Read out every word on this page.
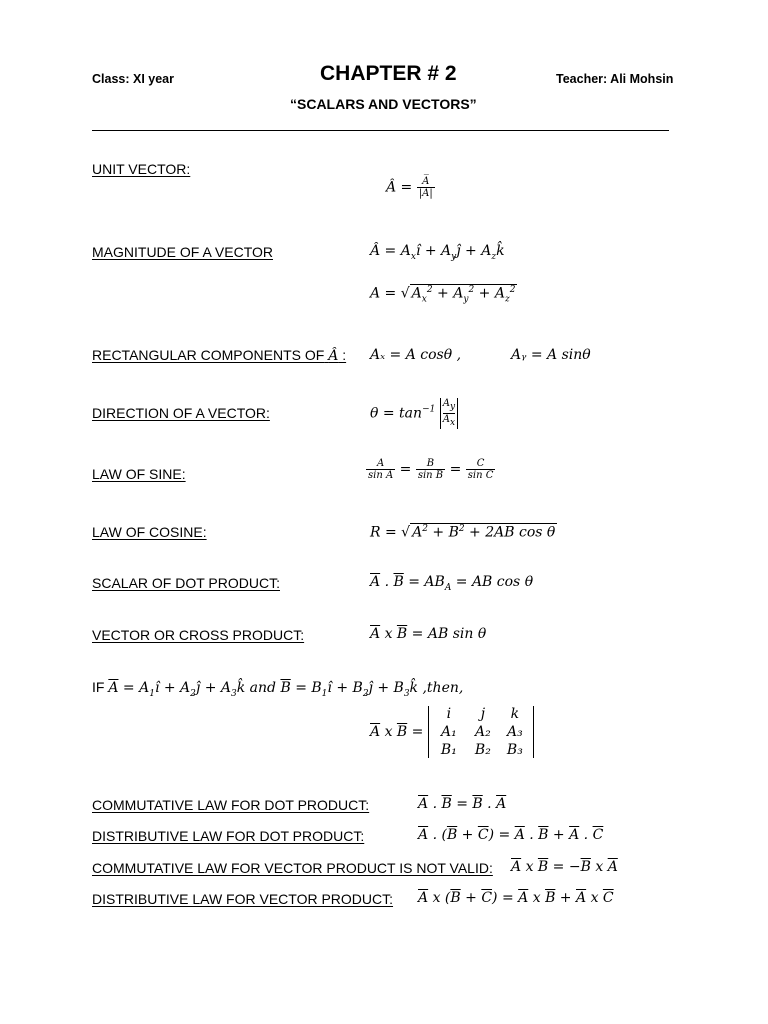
Class: XI year	CHAPTER # 2	Teacher: Ali Mohsin
“SCALARS AND VECTORS”
UNIT VECTOR:
Â = $\frac{A̅}{|A|}$
MAGNITUDE OF A VECTOR	Â = $A_xî$ + $A_yĵ$ + $A_zk̂$
A = √ $A_x^2 + A_y^2 + A_z^2$
RECTANGULAR COMPONENTS OF Â : Aₓ = A cosθ ,	Aᵧ = A sinθ
DIRECTION OF A VECTOR:	$\theta = \tan^{-1} \frac{A_y}{A_x}$
LAW OF SINE:	$\frac{A}{\text{sin A}} = \frac{B}{\text{sin B}} = \frac{C}{\text{sin C}}$
LAW OF COSINE:	R = √ $A^2 + B^2 + 2AB$ cos θ
SCALAR OF DOT PRODUCT:	$\overline{A}$ . $\overline{B} = AB_A$ = AB cos θ
VECTOR OR CROSS PRODUCT:	$\overline{A}$ x $\overline{B}$ = AB sin θ
IF $\overline{A}$ = $A_1î$ + $A_2ĵ$ + $A_3k̂$ and $\overline{B}$ = $B_1î$ + $B_2ĵ$ + $B_3k̂$ ,then,
$\overline{A}$ x $\overline{B}$ =
i	j	k
A₁	A₂	A₃
B₁	B₂	B₃
COMMUTATIVE LAW FOR DOT PRODUCT:	$\overline{A}$ . $\overline{B} = \overline{B}$ . $\overline{A}$
DISTRIBUTIVE LAW FOR DOT PRODUCT:	$\overline{A}$ . $(\overline{B} + \overline{C}) = \overline{A}$ . $\overline{B} + \overline{A}$ . $\overline{C}$
COMMUTATIVE LAW FOR VECTOR PRODUCT IS NOT VALID: $\overline{A}$ x $\overline{B} = -\overline{B}$ x $\overline{A}$
DISTRIBUTIVE LAW FOR VECTOR PRODUCT: $\overline{A}$ x $(\overline{B} + \overline{C}) = \overline{A}$ x $\overline{B} + \overline{A}$ x $\overline{C}$
